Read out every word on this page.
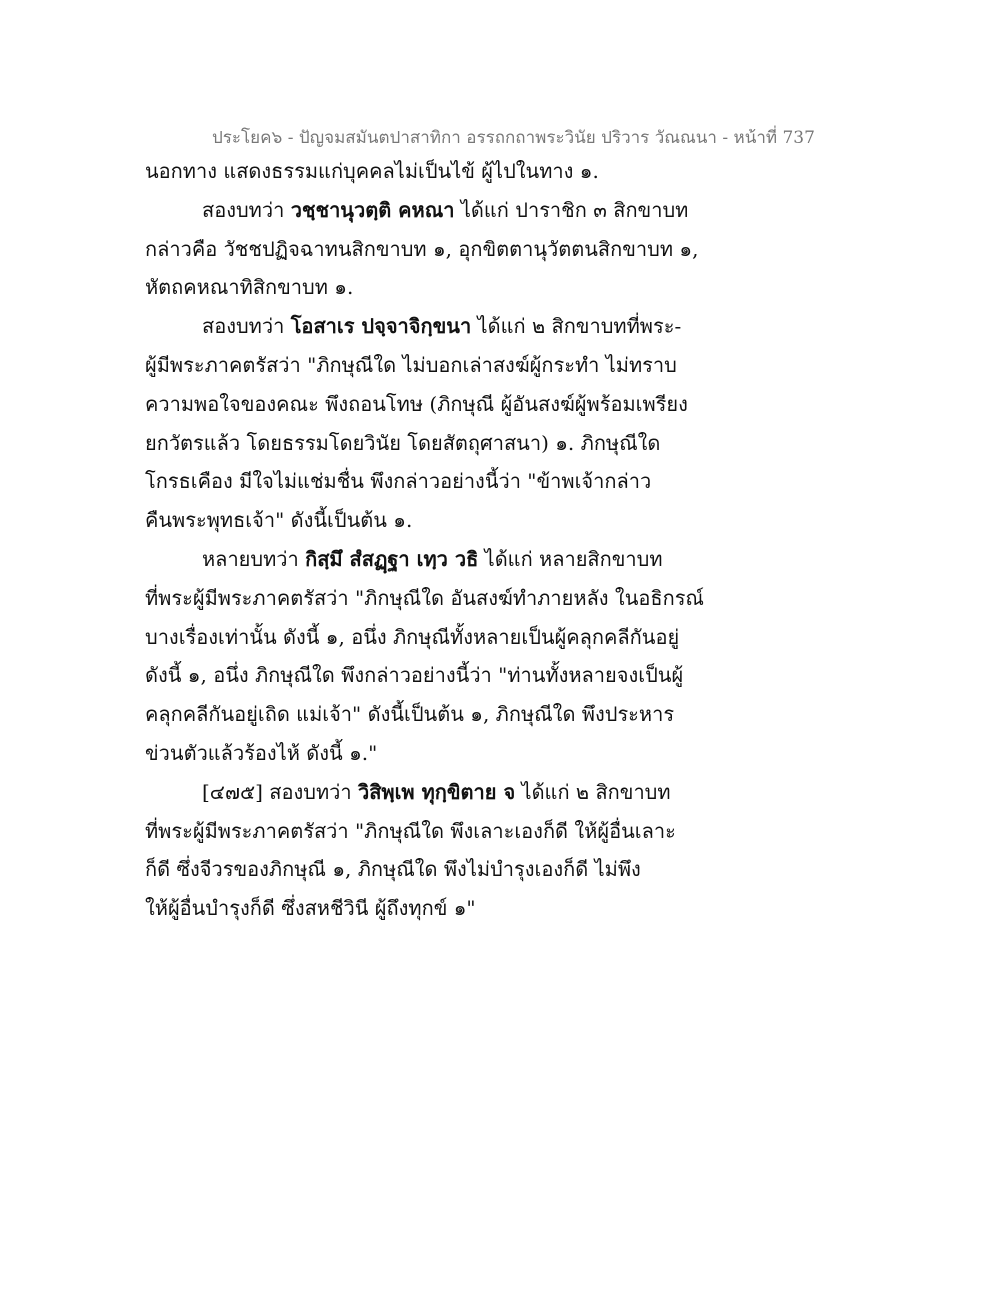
ประโยค๖ - ปัญจมสมันตปาสาทิกา อรรถกถาพระวินัย ปริวาร วัณณนา - หน้าที่ 737
นอกทาง แสดงธรรมแก่บุคคลไม่เป็นไข้ ผู้ไปในทาง ๑.
สองบทว่า วชฺชานุวตฺติ คหณา ได้แก่ ปาราชิก ๓ สิกขาบท
กล่าวคือ วัชชปฏิจฉาทนสิกขาบท ๑, อุกขิตตานุวัตตนสิกขาบท ๑,
หัตถคหณาทิสิกขาบท ๑.
สองบทว่า โอสาเร ปจฺจาจิกฺขนา ได้แก่ ๒ สิกขาบทที่พระ-
ผู้มีพระภาคตรัสว่า "ภิกษุณีใด ไม่บอกเล่าสงฆ์ผู้กระทำ ไม่ทราบ
ความพอใจของคณะ พึงถอนโทษ (ภิกษุณี ผู้อันสงฆ์ผู้พร้อมเพรียง
ยกวัตรแล้ว โดยธรรมโดยวินัย โดยสัตถุศาสนา) ๑. ภิกษุณีใด
โกรธเคือง มีใจไม่แช่มชื่น พึงกล่าวอย่างนี้ว่า "ข้าพเจ้ากล่าว
คืนพระพุทธเจ้า" ดังนี้เป็นต้น ๑.
หลายบทว่า กิสฺมึ สํสฏฺฐา เทฺว วธิ ได้แก่ หลายสิกขาบท
ที่พระผู้มีพระภาคตรัสว่า "ภิกษุณีใด อันสงฆ์ทำภายหลัง ในอธิกรณ์
บางเรื่องเท่านั้น ดังนี้ ๑, อนึ่ง ภิกษุณีทั้งหลายเป็นผู้คลุกคลีกันอยู่
ดังนี้ ๑, อนึ่ง ภิกษุณีใด พึงกล่าวอย่างนี้ว่า "ท่านทั้งหลายจงเป็นผู้
คลุกคลีกันอยู่เถิด แม่เจ้า" ดังนี้เป็นต้น ๑, ภิกษุณีใด พึงประหาร
ข่วนตัวแล้วร้องไห้ ดังนี้ ๑."
[๔๗๕] สองบทว่า วิสิพฺเพ ทุกฺขิตาย จ ได้แก่ ๒ สิกขาบท
ที่พระผู้มีพระภาคตรัสว่า "ภิกษุณีใด พึงเลาะเองก็ดี ให้ผู้อื่นเลาะ
ก็ดี ซึ่งจีวรของภิกษุณี ๑, ภิกษุณีใด พึงไม่บำรุงเองก็ดี ไม่พึง
ให้ผู้อื่นบำรุงก็ดี ซึ่งสหชีวินี ผู้ถึงทุกข์ ๑"
